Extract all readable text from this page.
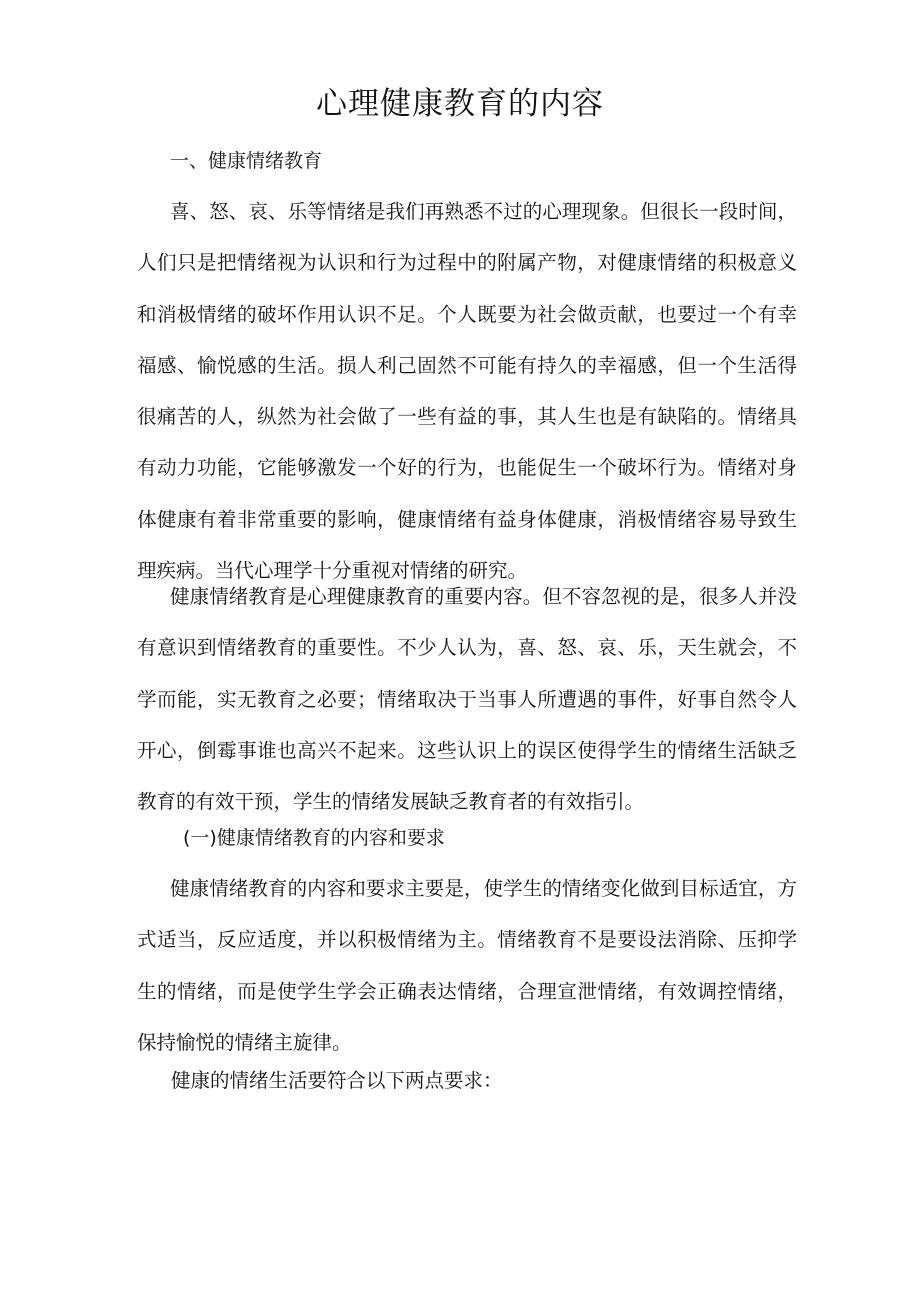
心理健康教育的内容
一、健康情绪教育

喜、怒、哀、乐等情绪是我们再熟悉不过的心理现象。但很长一段时间，人们只是把情绪视为认识和行为过程中的附属产物，对健康情绪的积极意义和消极情绪的破坏作用认识不足。个人既要为社会做贡献，也要过一个有幸福感、愉悦感的生活。损人利己固然不可能有持久的幸福感，但一个生活得很痛苦的人，纵然为社会做了一些有益的事，其人生也是有缺陷的。情绪具有动力功能，它能够激发一个好的行为，也能促生一个破坏行为。情绪对身体健康有着非常重要的影响，健康情绪有益身体健康，消极情绪容易导致生理疾病。当代心理学十分重视对情绪的研究。

健康情绪教育是心理健康教育的重要内容。但不容忽视的是，很多人并没有意识到情绪教育的重要性。不少人认为，喜、怒、哀、乐，天生就会，不学而能，实无教育之必要；情绪取决于当事人所遭遇的事件，好事自然令人开心，倒霉事谁也高兴不起来。这些认识上的误区使得学生的情绪生活缺乏教育的有效干预，学生的情绪发展缺乏教育者的有效指引。

(一)健康情绪教育的内容和要求

健康情绪教育的内容和要求主要是，使学生的情绪变化做到目标适宜，方式适当，反应适度，并以积极情绪为主。情绪教育不是要设法消除、压抑学生的情绪，而是使学生学会正确表达情绪，合理宣泄情绪，有效调控情绪，保持愉悦的情绪主旋律。

健康的情绪生活要符合以下两点要求：
